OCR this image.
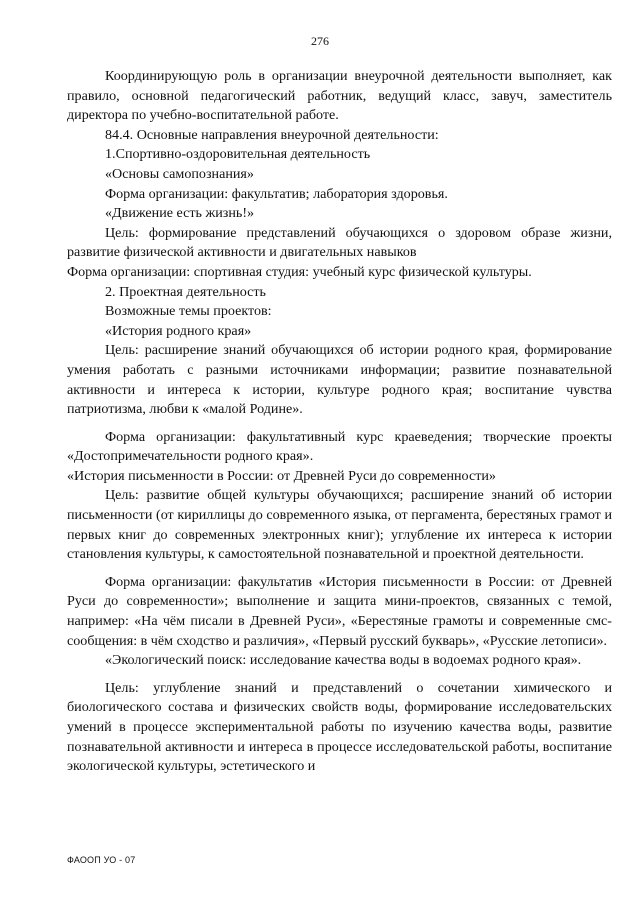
276

Координирующую роль в организации внеурочной деятельности выполняет, как правило, основной педагогический работник, ведущий класс, завуч, заместитель директора по учебно-воспитательной работе.

84.4. Основные направления внеурочной деятельности:

1.Спортивно-оздоровительная деятельность

«Основы самопознания»

Форма организации: факультатив; лаборатория здоровья.

«Движение есть жизнь!»

Цель: формирование представлений обучающихся о здоровом образе жизни, развитие физической активности и двигательных навыков

Форма организации: спортивная студия: учебный курс физической культуры.

2. Проектная деятельность

Возможные темы проектов:

«История родного края»

Цель: расширение знаний обучающихся об истории родного края, формирование умения работать с разными источниками информации; развитие познавательной активности и интереса к истории, культуре родного края; воспитание чувства патриотизма, любви к «малой Родине».

Форма организации: факультативный курс краеведения; творческие проекты «Достопримечательности родного края».

«История письменности в России: от Древней Руси до современности»

Цель: развитие общей культуры обучающихся; расширение знаний об истории письменности (от кириллицы до современного языка, от пергамента, берестяных грамот и первых книг до современных электронных книг); углубление их интереса к истории становления культуры, к самостоятельной познавательной и проектной деятельности.

Форма организации: факультатив «История письменности в России: от Древней Руси до современности»; выполнение и защита мини-проектов, связанных с темой, например: «На чём писали в Древней Руси», «Берестяные грамоты и современные смс-сообщения: в чём сходство и различия», «Первый русский букварь», «Русские летописи».

«Экологический поиск: исследование качества воды в водоемах родного края».

Цель: углубление знаний и представлений о сочетании химического и биологического состава и физических свойств воды, формирование исследовательских умений в процессе экспериментальной работы по изучению качества воды, развитие познавательной активности и интереса в процессе исследовательской работы, воспитание экологической культуры, эстетического и

ФАООП УО - 07
